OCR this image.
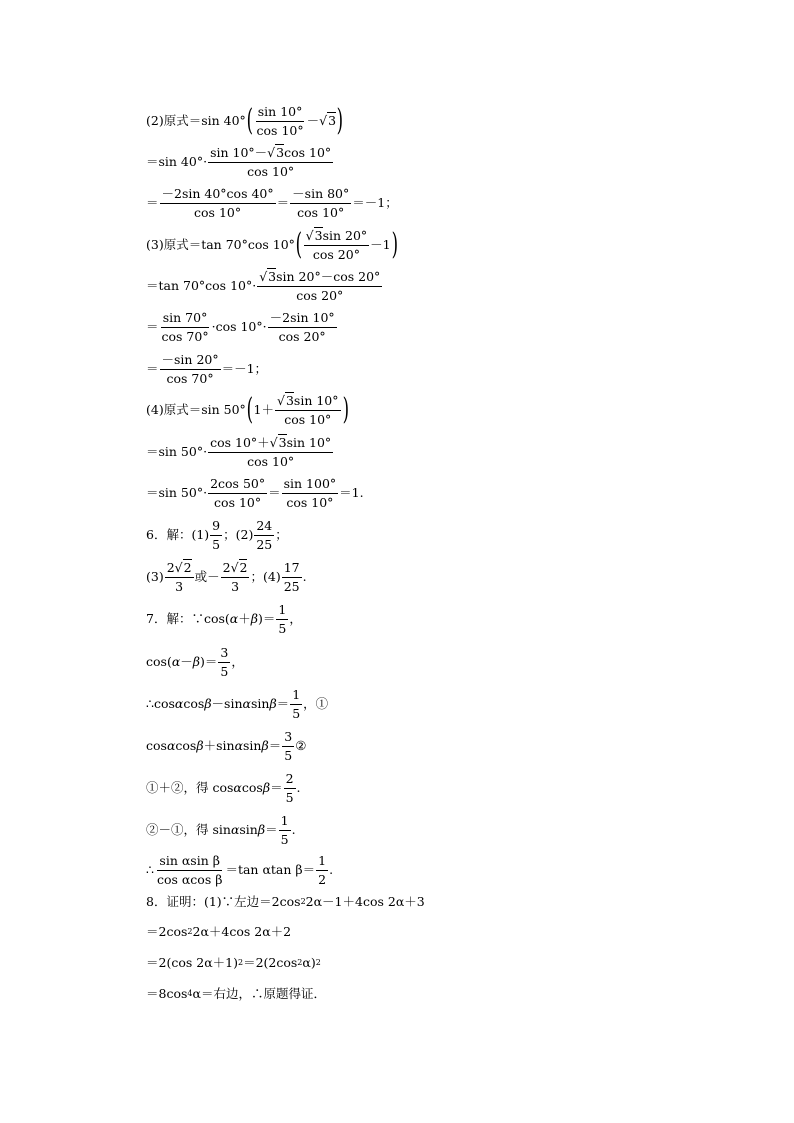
(2)原式＝sin 40° ( $\frac{\sin 10^\circ}{\cos 10^\circ} - √3$ )
＝sin $40^\circ\cdot \frac{\sin 10^\circ-√3\cos 10^\circ}{\cos 10^\circ}$
＝ $\frac{-2\sin 40^\circ\cos 40^\circ}{\cos 10^\circ} = \frac{-\sin 80^\circ}{\cos 10^\circ} =-1$；
(3)原式＝tan 70°cos 10° ( $\frac{√3\sin 20^\circ}{\cos 20^\circ} -1$ )
＝tan 70°cos $10^\circ\cdot \frac{√3\sin 20^\circ-\cos 20^\circ}{\cos 20^\circ}$
＝ $\frac{\sin 70^\circ}{\cos 70^\circ} \cdot\cos$ $10^\circ\cdot \frac{-2\sin 10^\circ}{\cos 20^\circ}$
＝ $\frac{-\sin 20^\circ}{\cos 70^\circ} =-1$；
(4)原式＝sin 50° ( $1+ \frac{√3\sin 10^\circ}{\cos 10^\circ}$ )
＝sin $50^\circ\cdot \frac{\cos 10^\circ+√3\sin 10^\circ}{\cos 10^\circ}$
＝sin $50^\circ\cdot \frac{2\cos 50^\circ}{\cos 10^\circ} = \frac{\sin 100^\circ}{\cos 10^\circ} =1$.
6．解：$(1) \frac{9}{5}$ ；$(2) \frac{24}{25}$ ；
$(3) \frac{2√2}{3}$ 或－ $\frac{2√2}{3}$ ；$(4) \frac{17}{25}$ .
7．解：∵cos( α ＋ β )＝ $\frac{1}{5}$ ，
cos( α － β )＝ $\frac{3}{5}$ ，
∴cos α cos β －sin α $\sin \beta = \frac{1}{5}$ ，①
cos α cos β ＋sin α $\sin \beta = \frac{3}{5}$ ②
①＋②，得 cos α $\cos \beta = \frac{2}{5}$ .
②－①，得 sin α $\sin \beta = \frac{1}{5}$ .
∴ $\frac{\text{sin αsin β}}{\text{cos αcos β}} =\tan$ αtan $\beta= \frac{1}{2}$ .
8．证明：(1)∵左边＝2cos 2 2α－1＋4cos 2α＋3
＝2cos 2 2α＋4cos 2α＋2
＝2(cos 2α＋1) 2 ＝2(2cos 2 α) 2
＝8cos 4 α＝右边，∴原题得证．
